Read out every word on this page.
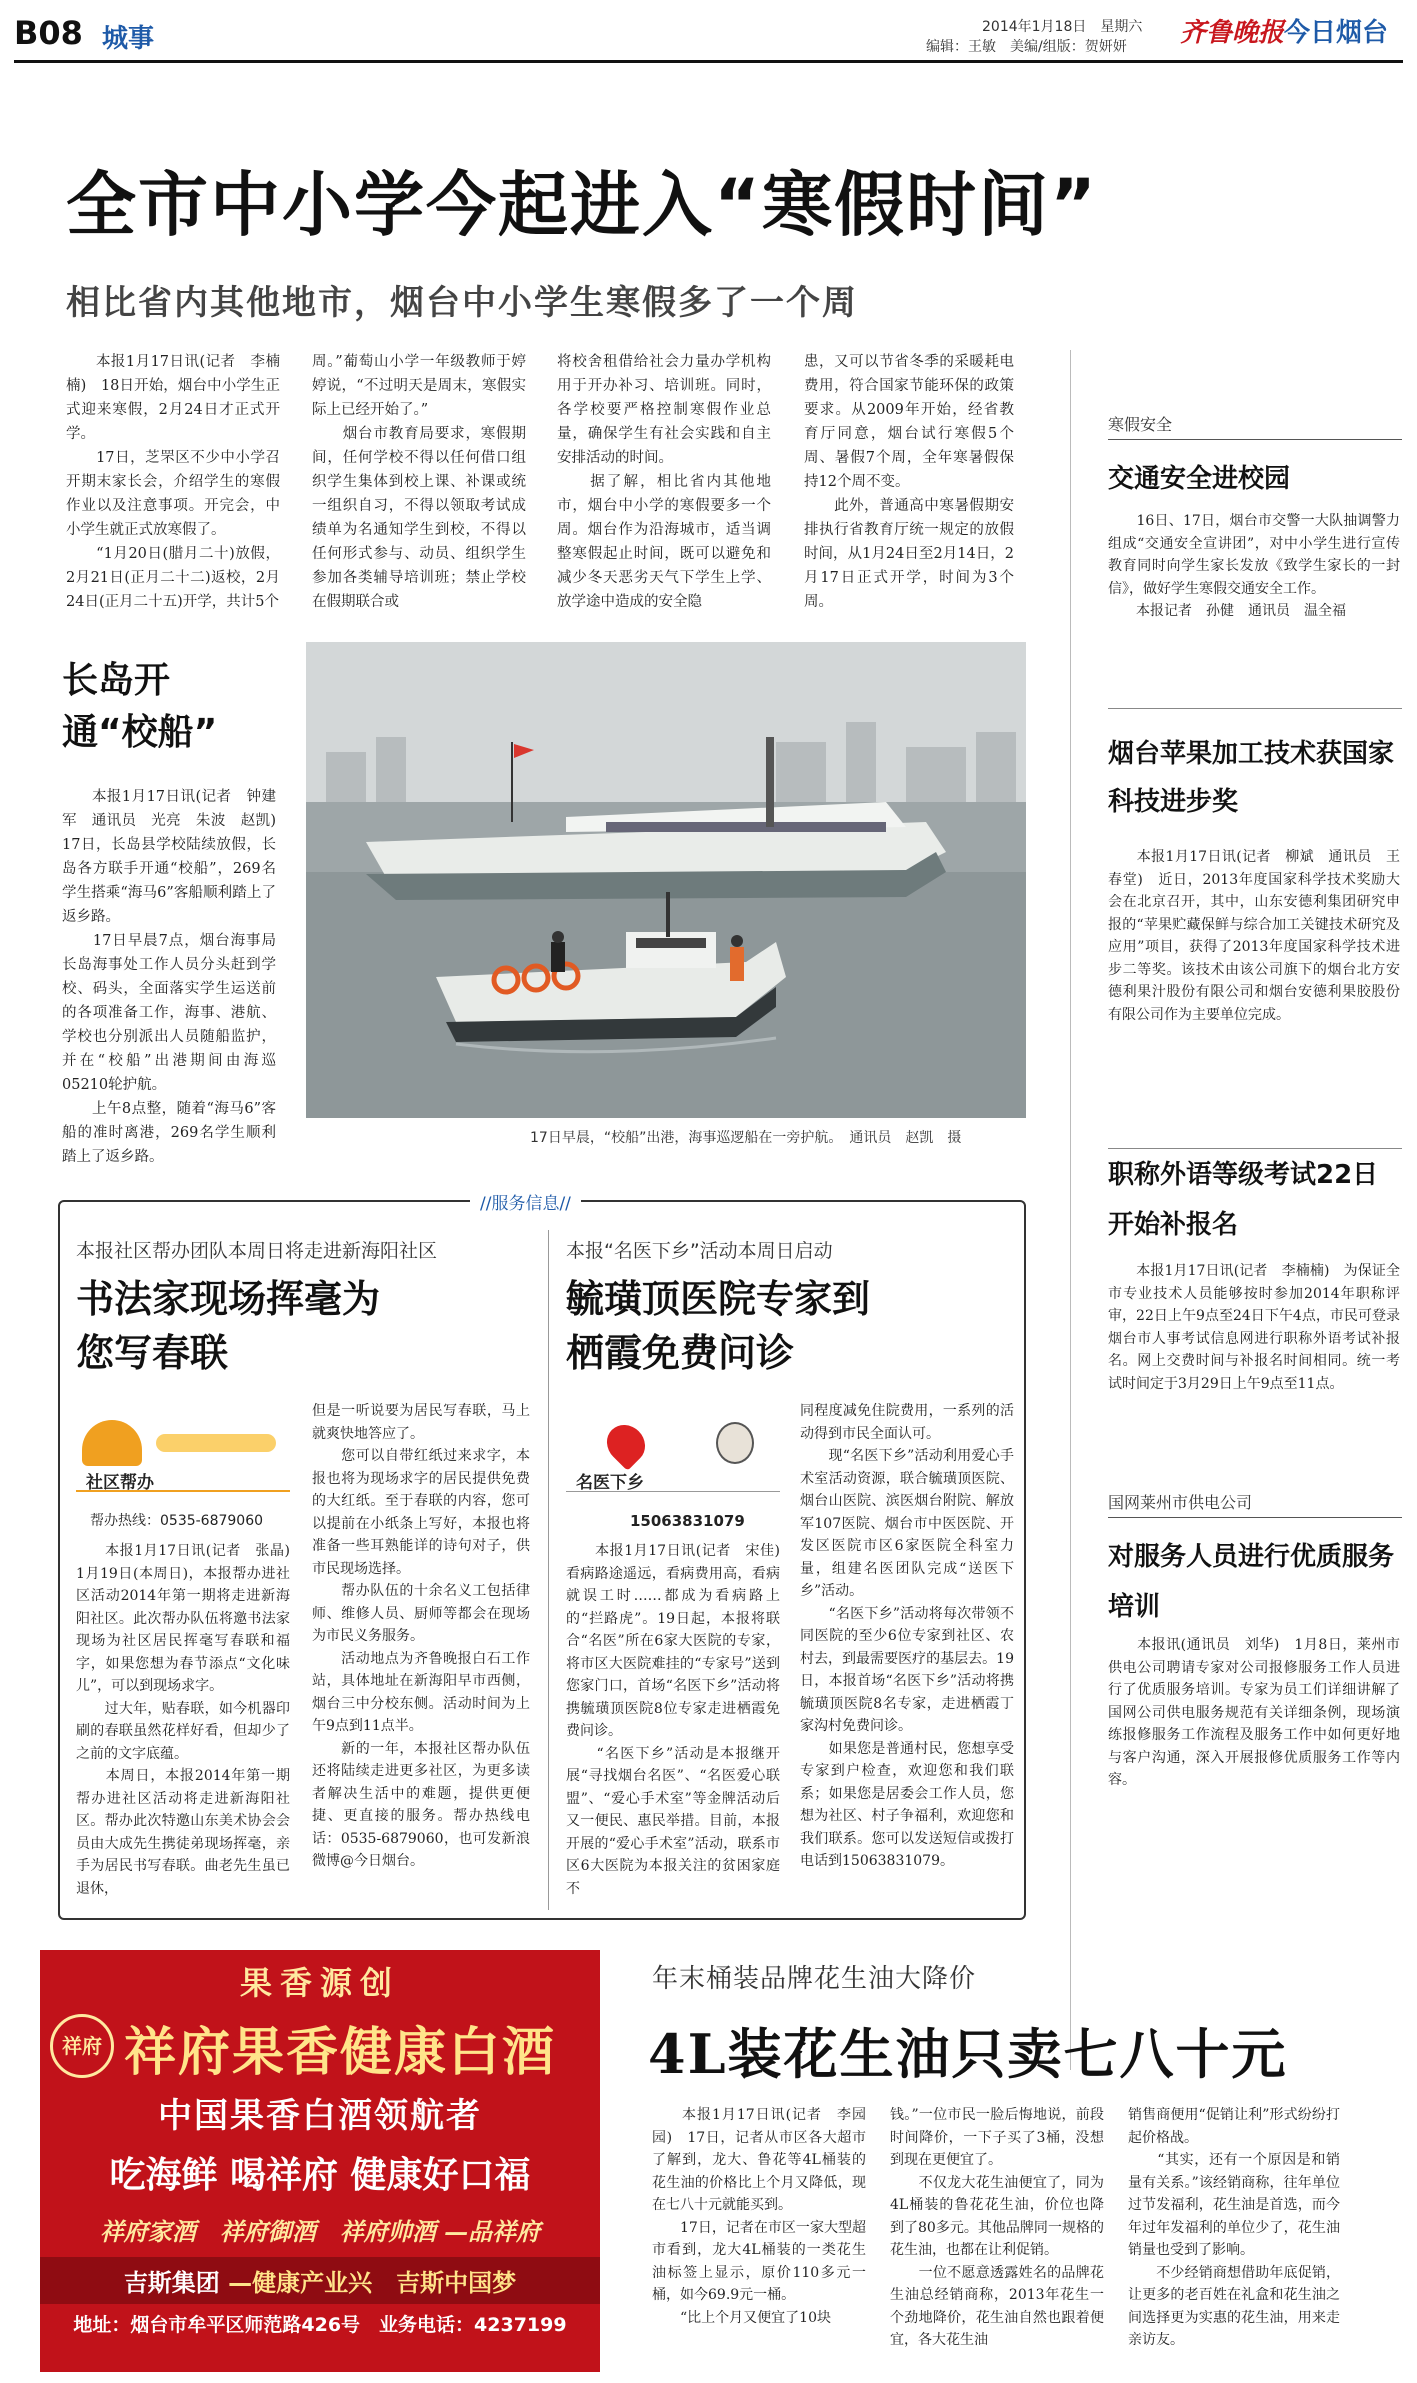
B08 城事	2014年1月18日　星期六
编辑：王敏　美编/组版：贺妍妍 齐鲁晚报今日烟台
全市中小学今起进入“寒假时间”
相比省内其他地市，烟台中小学生寒假多了一个周
　　本报1月17日讯(记者　李楠楠)　18日开始，烟台中小学生正式迎来寒假，2月24日才正式开学。
　　17日，芝罘区不少中小学召开期末家长会，介绍学生的寒假作业以及注意事项。开完会，中小学生就正式放寒假了。
　　“1月20日(腊月二十)放假，2月21日(正月二十二)返校，2月24日(正月二十五)开学，共计5个
周。”葡萄山小学一年级教师于婷婷说，“不过明天是周末，寒假实际上已经开始了。”
　　烟台市教育局要求，寒假期间，任何学校不得以任何借口组织学生集体到校上课、补课或统一组织自习，不得以领取考试成绩单为名通知学生到校，不得以任何形式参与、动员、组织学生参加各类辅导培训班；禁止学校在假期联合或
将校舍租借给社会力量办学机构用于开办补习、培训班。同时，各学校要严格控制寒假作业总量，确保学生有社会实践和自主安排活动的时间。
　　据了解，相比省内其他地市，烟台中小学的寒假要多一个周。烟台作为沿海城市，适当调整寒假起止时间，既可以避免和减少冬天恶劣天气下学生上学、放学途中造成的安全隐
患，又可以节省冬季的采暖耗电费用，符合国家节能环保的政策要求。从2009年开始，经省教育厅同意，烟台试行寒假5个周、暑假7个周，全年寒暑假保持12个周不变。
　　此外，普通高中寒暑假期安排执行省教育厅统一规定的放假时间，从1月24日至2月14日，2月17日正式开学，时间为3个周。
长岛开通“校船”
　　本报1月17日讯(记者　钟建军　通讯员　光亮　朱波　赵凯)　17日，长岛县学校陆续放假，长岛各方联手开通“校船”，269名学生搭乘“海马6”客船顺利踏上了返乡路。
　　17日早晨7点，烟台海事局长岛海事处工作人员分头赶到学校、码头，全面落实学生运送前的各项准备工作，海事、港航、学校也分别派出人员随船监护，并在“校船”出港期间由海巡05210轮护航。
　　上午8点整，随着“海马6”客船的准时离港，269名学生顺利踏上了返乡路。
17日早晨，“校船”出港，海事巡逻船在一旁护航。　通讯员　赵凯　摄
寒假安全
交通安全进校园
　　16日、17日，烟台市交警一大队抽调警力组成“交通安全宣讲团”，对中小学生进行宣传教育同时向学生家长发放《致学生家长的一封信》，做好学生寒假交通安全工作。
　　本报记者　孙健　通讯员　温全福
烟台苹果加工技术获国家科技进步奖
　　本报1月17日讯(记者　柳斌　通讯员　王春堂)　近日，2013年度国家科学技术奖励大会在北京召开，其中，山东安德利集团研究申报的“苹果贮藏保鲜与综合加工关键技术研究及应用”项目，获得了2013年度国家科学技术进步二等奖。该技术由该公司旗下的烟台北方安德利果汁股份有限公司和烟台安德利果胶股份有限公司作为主要单位完成。
职称外语等级考试22日开始补报名
　　本报1月17日讯(记者　李楠楠)　为保证全市专业技术人员能够按时参加2014年职称评审，22日上午9点至24日下午4点，市民可登录烟台市人事考试信息网进行职称外语考试补报名。网上交费时间与补报名时间相同。统一考试时间定于3月29日上午9点至11点。
国网莱州市供电公司
对服务人员进行优质服务培训
　　本报讯(通讯员　刘华)　1月8日，莱州市供电公司聘请专家对公司报修服务工作人员进行了优质服务培训。专家为员工们详细讲解了国网公司供电服务规范有关详细条例，现场演练报修服务工作流程及服务工作中如何更好地与客户沟通，深入开展报修优质服务工作等内容。
//服务信息//
本报社区帮办团队本周日将走进新海阳社区
书法家现场挥毫为您写春联
社区帮办
帮办热线：0535-6879060
　　本报1月17日讯(记者　张晶)　1月19日(本周日)，本报帮办进社区活动2014年第一期将走进新海阳社区。此次帮办队伍将邀书法家现场为社区居民挥毫写春联和福字，如果您想为春节添点“文化味儿”，可以到现场求字。
　　过大年，贴春联，如今机器印刷的春联虽然花样好看，但却少了之前的文字底蕴。
　　本周日，本报2014年第一期帮办进社区活动将走进新海阳社区。帮办此次特邀山东美术协会会员由大成先生携徒弟现场挥毫，亲手为居民书写春联。曲老先生虽已退休，
但是一听说要为居民写春联，马上就爽快地答应了。
　　您可以自带红纸过来求字，本报也将为现场求字的居民提供免费的大红纸。至于春联的内容，您可以提前在小纸条上写好，本报也将准备一些耳熟能详的诗句对子，供市民现场选择。
　　帮办队伍的十余名义工包括律师、维修人员、厨师等都会在现场为市民义务服务。
　　活动地点为齐鲁晚报白石工作站，具体地址在新海阳早市西侧，烟台三中分校东侧。活动时间为上午9点到11点半。
　　新的一年，本报社区帮办队伍还将陆续走进更多社区，为更多读者解决生活中的难题，提供更便捷、更直接的服务。帮办热线电话：0535-6879060，也可发新浪微博@今日烟台。
本报“名医下乡”活动本周日启动
毓璜顶医院专家到栖霞免费问诊
名医下乡
15063831079
　　本报1月17日讯(记者　宋佳)　看病路途遥远，看病费用高，看病就误工时……都成为看病路上的“拦路虎”。19日起，本报将联合“名医”所在6家大医院的专家，将市区大医院难挂的“专家号”送到您家门口，首场“名医下乡”活动将携毓璜顶医院8位专家走进栖霞免费问诊。
　　“名医下乡”活动是本报继开展“寻找烟台名医”、“名医爱心联盟”、“爱心手术室”等金牌活动后又一便民、惠民举措。目前，本报开展的“爱心手术室”活动，联系市区6大医院为本报关注的贫困家庭不
同程度减免住院费用，一系列的活动得到市民全面认可。
　　现“名医下乡”活动利用爱心手术室活动资源，联合毓璜顶医院、烟台山医院、滨医烟台附院、解放军107医院、烟台市中医医院、开发区医院市区6家医院全科室力量，组建名医团队完成“送医下乡”活动。
　　“名医下乡”活动将每次带领不同医院的至少6位专家到社区、农村去，到最需要医疗的基层去。19日，本报首场“名医下乡”活动将携毓璜顶医院8名专家，走进栖霞丁家沟村免费问诊。
　　如果您是普通村民，您想享受专家到户检查，欢迎您和我们联系；如果您是居委会工作人员，您想为社区、村子争福利，欢迎您和我们联系。您可以发送短信或拨打电话到15063831079。
果香源创
祥府 祥府果香健康白酒
中国果香白酒领航者
吃海鲜 喝祥府 健康好口福
祥府家酒　祥府御酒　祥府帅酒 —品祥府
吉斯集团 —健康产业兴　吉斯中国梦
地址：烟台市牟平区师范路426号　业务电话：4237199
年末桶装品牌花生油大降价
4L装花生油只卖七八十元
　　本报1月17日讯(记者　李园园)　17日，记者从市区各大超市了解到，龙大、鲁花等4L桶装的花生油的价格比上个月又降低，现在七八十元就能买到。
　　17日，记者在市区一家大型超市看到，龙大4L桶装的一类花生油标签上显示，原价110多元一桶，如今69.9元一桶。
　　“比上个月又便宜了10块
钱。”一位市民一脸后悔地说，前段时间降价，一下子买了3桶，没想到现在更便宜了。
　　不仅龙大花生油便宜了，同为4L桶装的鲁花花生油，价位也降到了80多元。其他品牌同一规格的花生油，也都在让利促销。
　　一位不愿意透露姓名的品牌花生油总经销商称，2013年花生一个劲地降价，花生油自然也跟着便宜，各大花生油
销售商便用“促销让利”形式纷纷打起价格战。
　　“其实，还有一个原因是和销量有关系。”该经销商称，往年单位过节发福利，花生油是首选，而今年过年发福利的单位少了，花生油销量也受到了影响。
　　不少经销商想借助年底促销，让更多的老百姓在礼盒和花生油之间选择更为实惠的花生油，用来走亲访友。
